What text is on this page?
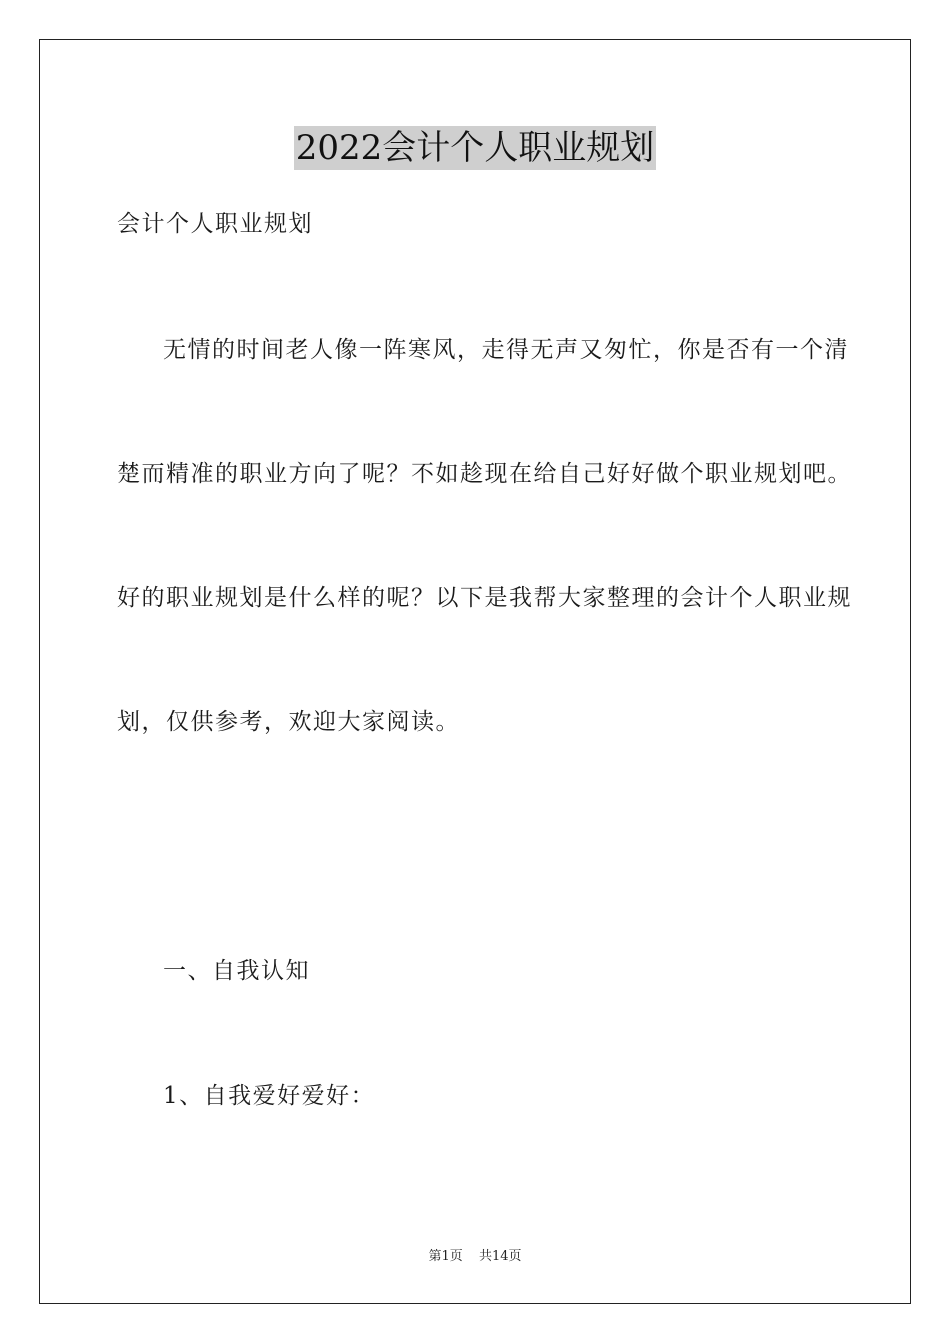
2022会计个人职业规划
会计个人职业规划
无情的时间老人像一阵寒风，走得无声又匆忙，你是否有一个清
楚而精准的职业方向了呢？不如趁现在给自己好好做个职业规划吧。
好的职业规划是什么样的呢？以下是我帮大家整理的会计个人职业规
划，仅供参考，欢迎大家阅读。
一、自我认知
1、自我爱好爱好：
第1页 共14页
